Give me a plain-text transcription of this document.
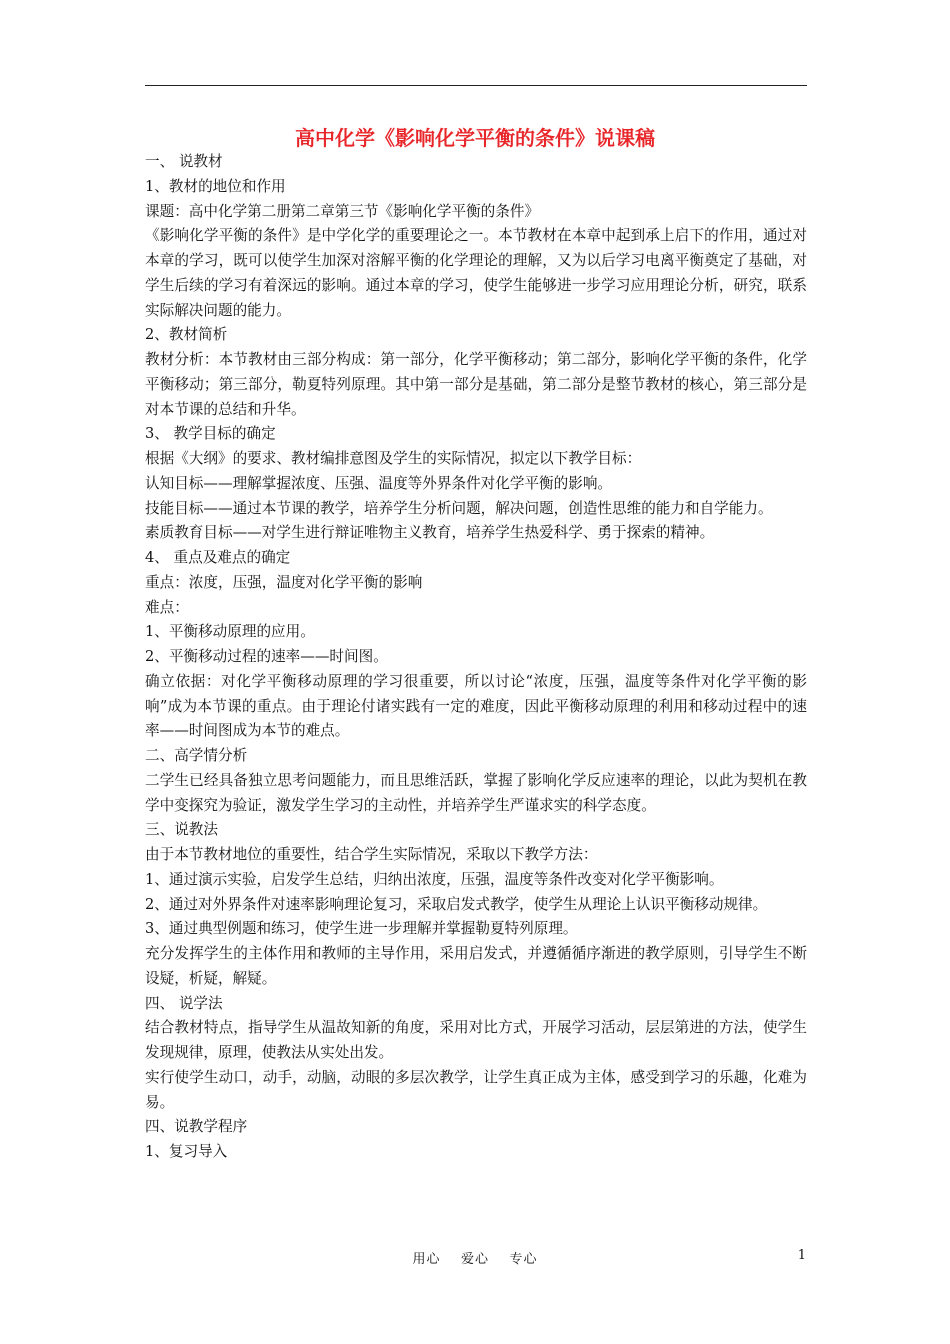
高中化学《影响化学平衡的条件》说课稿

一、 说教材

1、教材的地位和作用

课题：高中化学第二册第二章第三节《影响化学平衡的条件》

《影响化学平衡的条件》是中学化学的重要理论之一。本节教材在本章中起到承上启下的作用，通过对本章的学习，既可以使学生加深对溶解平衡的化学理论的理解，又为以后学习电离平衡奠定了基础，对学生后续的学习有着深远的影响。通过本章的学习，使学生能够进一步学习应用理论分析，研究，联系实际解决问题的能力。

2、教材简析

教材分析：本节教材由三部分构成：第一部分，化学平衡移动；第二部分，影响化学平衡的条件，化学平衡移动；第三部分，勒夏特列原理。其中第一部分是基础，第二部分是整节教材的核心，第三部分是对本节课的总结和升华。

3、 教学目标的确定

根据《大纲》的要求、教材编排意图及学生的实际情况，拟定以下教学目标：

认知目标——理解掌握浓度、压强、温度等外界条件对化学平衡的影响。

技能目标——通过本节课的教学，培养学生分析问题，解决问题，创造性思维的能力和自学能力。

素质教育目标——对学生进行辩证唯物主义教育，培养学生热爱科学、勇于探索的精神。

4、 重点及难点的确定

重点：浓度，压强，温度对化学平衡的影响

难点：

1、平衡移动原理的应用。

2、平衡移动过程的速率——时间图。

确立依据：对化学平衡移动原理的学习很重要，所以讨论“浓度，压强，温度等条件对化学平衡的影响”成为本节课的重点。由于理论付诸实践有一定的难度，因此平衡移动原理的利用和移动过程中的速率——时间图成为本节的难点。

二、高学情分析

二学生已经具备独立思考问题能力，而且思维活跃，掌握了影响化学反应速率的理论，以此为契机在教学中变探究为验证，激发学生学习的主动性，并培养学生严谨求实的科学态度。

三、说教法

由于本节教材地位的重要性，结合学生实际情况，采取以下教学方法：

1、通过演示实验，启发学生总结，归纳出浓度，压强，温度等条件改变对化学平衡影响。

2、通过对外界条件对速率影响理论复习，采取启发式教学，使学生从理论上认识平衡移动规律。

3、通过典型例题和练习，使学生进一步理解并掌握勒夏特列原理。

充分发挥学生的主体作用和教师的主导作用，采用启发式，并遵循循序渐进的教学原则，引导学生不断设疑，析疑，解疑。

四、 说学法

结合教材特点，指导学生从温故知新的角度，采用对比方式，开展学习活动，层层第进的方法，使学生发现规律，原理，使教法从实处出发。

实行使学生动口，动手，动脑，动眼的多层次教学，让学生真正成为主体，感受到学习的乐趣，化难为易。

四、说教学程序

1、复习导入

用心    爱心    专心	1
